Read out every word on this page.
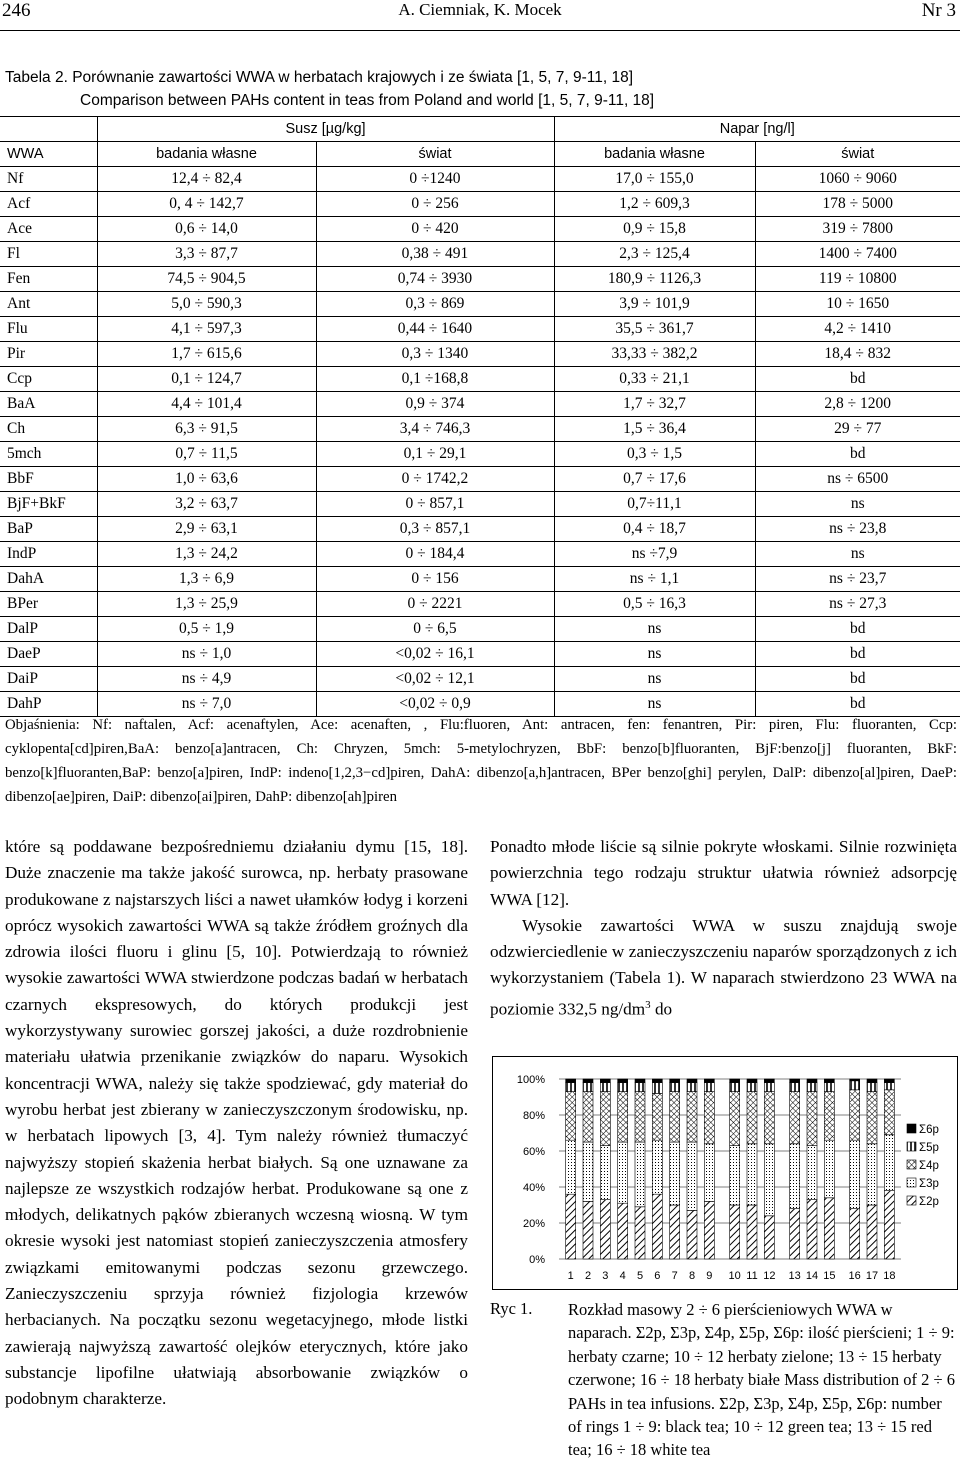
246	A. Ciemniak, K. Mocek	Nr 3
Tabela 2. Porównanie zawartości WWA w herbatach krajowych i ze świata [1, 5, 7, 9-11, 18]
Comparison between PAHs content in teas from Poland and world [1, 5, 7, 9-11, 18]
	Susz [µg/kg]		Napar [ng/l]	
WWA	badania własne	świat	badania własne	świat
Nf	12,4 ÷ 82,4	0 ÷1240	17,0 ÷ 155,0	1060 ÷ 9060
Acf	0, 4 ÷ 142,7	0 ÷ 256	1,2 ÷ 609,3	178 ÷ 5000
Ace	0,6 ÷ 14,0	0 ÷ 420	0,9 ÷ 15,8	319 ÷ 7800
Fl	3,3 ÷ 87,7	0,38 ÷ 491	2,3 ÷ 125,4	1400 ÷ 7400
Fen	74,5 ÷ 904,5	0,74 ÷ 3930	180,9 ÷ 1126,3	119 ÷ 10800
Ant	5,0 ÷ 590,3	0,3 ÷ 869	3,9 ÷ 101,9	10 ÷ 1650
Flu	4,1 ÷ 597,3	0,44 ÷ 1640	35,5 ÷ 361,7	4,2 ÷ 1410
Pir	1,7 ÷ 615,6	0,3 ÷ 1340	33,33 ÷ 382,2	18,4 ÷ 832
Ccp	0,1 ÷ 124,7	0,1 ÷168,8	0,33 ÷ 21,1	bd
BaA	4,4 ÷ 101,4	0,9 ÷ 374	1,7 ÷ 32,7	2,8 ÷ 1200
Ch	6,3 ÷ 91,5	3,4 ÷ 746,3	1,5 ÷ 36,4	29 ÷ 77
5mch	0,7 ÷ 11,5	0,1 ÷ 29,1	0,3 ÷ 1,5	bd
BbF	1,0 ÷ 63,6	0 ÷ 1742,2	0,7 ÷ 17,6	ns ÷ 6500
BjF+BkF	3,2 ÷ 63,7	0 ÷ 857,1	0,7÷11,1	ns
BaP	2,9 ÷ 63,1	0,3 ÷ 857,1	0,4 ÷ 18,7	ns ÷ 23,8
IndP	1,3 ÷ 24,2	0 ÷ 184,4	ns ÷7,9	ns
DahA	1,3 ÷ 6,9	0 ÷ 156	ns ÷ 1,1	ns ÷ 23,7
BPer	1,3 ÷ 25,9	0 ÷ 2221	0,5 ÷ 16,3	ns ÷ 27,3
DalP	0,5 ÷ 1,9	0 ÷ 6,5	ns	bd
DaeP	ns ÷ 1,0	<0,02 ÷ 16,1	ns	bd
DaiP	ns ÷ 4,9	<0,02 ÷ 12,1	ns	bd
DahP	ns ÷ 7,0	<0,02 ÷ 0,9	ns	bd
Objaśnienia: Nf: naftalen, Acf: acenaftylen, Ace: acenaften, , Flu:fluoren, Ant: antracen, fen: fenantren, Pir: piren, Flu: fluoranten, Ccp: cyklopenta[cd]piren,BaA: benzo[a]antracen, Ch: Chryzen, 5mch: 5-metylochryzen, BbF: benzo[b]fluoranten, BjF:benzo[j] fluoranten, BkF: benzo[k]fluoranten,BaP: benzo[a]piren, IndP: indeno[1,2,3−cd]piren, DahA: dibenzo[a,h]antracen, BPer benzo[ghi] perylen, DalP: dibenzo[al]piren, DaeP: dibenzo[ae]piren, DaiP: dibenzo[ai]piren, DahP: dibenzo[ah]piren

które są poddawane bezpośredniemu działaniu dymu [15, 18]. Duże znaczenie ma także jakość surowca, np. herbaty prasowane produkowane z najstarszych liści a nawet ułamków łodyg i korzeni oprócz wysokich zawartości WWA są także źródłem groźnych dla zdrowia ilości fluoru i glinu [5, 10]. Potwierdzają to również wysokie zawartości WWA stwierdzone podczas badań w herbatach czarnych ekspresowych, do których produkcji jest wykorzystywany surowiec gorszej jakości, a duże rozdrobnienie materiału ułatwia przenikanie związków do naparu. Wysokich koncentracji WWA, należy się także spodziewać, gdy materiał do wyrobu herbat jest zbierany w zanieczyszczonym środowisku, np. w herbatach lipowych [3, 4]. Tym należy również tłumaczyć najwyższy stopień skażenia herbat białych. Są one uznawane za najlepsze ze wszystkich rodzajów herbat. Produkowane są one z młodych, delikatnych pąków zbieranych wczesną wiosną. W tym okresie wysoki jest natomiast stopień zanieczyszczenia atmosfery związkami emitowanymi podczas sezonu grzewczego. Zanieczyszczeniu sprzyja również fizjologia krzewów herbacianych. Na początku sezonu wegetacyjnego, młode listki zawierają najwyższą zawartość olejków eterycznych, które jako substancje lipofilne ułatwiają absorbowanie związków o podobnym charakterze.

Ponadto młode liście są silnie pokryte włoskami. Silnie rozwinięta powierzchnia tego rodzaju struktur ułatwia również adsorpcję WWA [12].

Wysokie zawartości WWA w suszu znajdują swoje odzwierciedlenie w zanieczyszczeniu naparów sporządzonych z ich wykorzystaniem (Tabela 1). W naparach stwierdzono 23 WWA na poziomie 332,5 $ng/dm^3$ do

0%
20%
40%
60%
80%
100%
1 2 3 4 5 6 7 8 9 10 11 12 13 14 15 16 17 18
Σ6p
Σ5p
Σ4p
Σ3p
Σ2p
Ryc 1. Rozkład masowy 2 ÷ 6 pierścieniowych WWA w naparach. Σ2p, Σ3p, Σ4p, Σ5p, Σ6p: ilość pierścieni; 1 ÷ 9: herbaty czarne; 10 ÷ 12 herbaty zielone; 13 ÷ 15 herbaty czerwone; 16 ÷ 18 herbaty białe Mass distribution of 2 ÷ 6 PAHs in tea infusions. Σ2p, Σ3p, Σ4p, Σ5p, Σ6p: number of rings 1 ÷ 9: black tea; 10 ÷ 12 green tea; 13 ÷ 15 red tea; 16 ÷ 18 white tea
